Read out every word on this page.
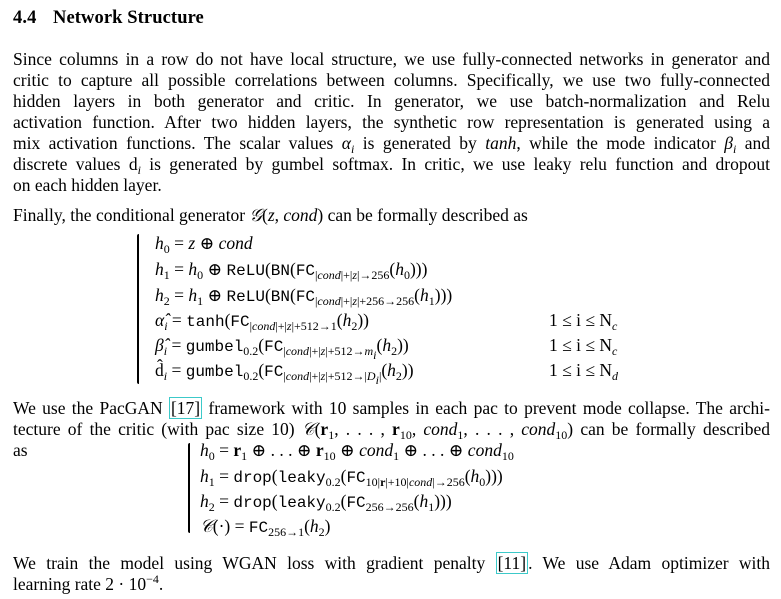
4.4 Network Structure
Since columns in a row do not have local structure, we use fully-connected networks in generator and
critic to capture all possible correlations between columns. Specifically, we use two fully-connected
hidden layers in both generator and critic. In generator, we use batch-normalization and Relu
activation function. After two hidden layers, the synthetic row representation is generated using a
mix activation functions. The scalar values $\alpha_i$ is generated by tanh, while the mode indicator $\beta_i$ and
discrete values $d_i$ is generated by gumbel softmax. In critic, we use leaky relu function and dropout
on each hidden layer.
Finally, the conditional generator 𝒢(z, cond) can be formally described as
$h_0 = z$ ⊕ cond
$h_1 = h_0$ ⊕ $ReLU(BN(FC_{|cond|+|z|\to 256}(h_0)))$
$h_2 = h_1$ ⊕ $ReLU(BN(FC_{|cond|+|z|+256\to 256}(h_1)))$
$\alphâ_i = \tanh(FC_{|cond|+|z|+512\to 1}(h_2))$
$\betâ_i$ = $gumbel_{0.2}(FC_{|cond|+|z|+512\to m_i}(h_2))$
$d̂_i$ = $gumbel_{0.2}(FC_{|cond|+|z|+512\to|D_i|}(h_2))$
$1 \le i \le N_c$
$1 \le i \le N_c$
$1 \le i \le N_d$
We use the PacGAN [17] framework with 10 samples in each pac to prevent mode collapse. The archi-
tecture of the critic (with pac size 10) $𝒞(r_1$, . . . , $r_{10}$, cond$_1$, . . . , cond$_{10}$) can be formally described
as	$h_0 = r_1$ ⊕ . . . ⊕ $r_{10}$ ⊕ cond$_1$ ⊕ . . . ⊕ cond$_{10}$
$h_1$ = $drop(leaky_{0.2}(FC_{10|r|+10|cond|\to 256}(h_0)))$
$h_2$ = $drop(leaky_{0.2}(FC_{256\to 256}(h_1)))$
𝒞(·) = $FC_{256\to 1}(h_2)$
We train the model using WGAN loss with gradient penalty [11] . We use Adam optimizer with
learning rate $2 \cdot 10^{-4}$.
